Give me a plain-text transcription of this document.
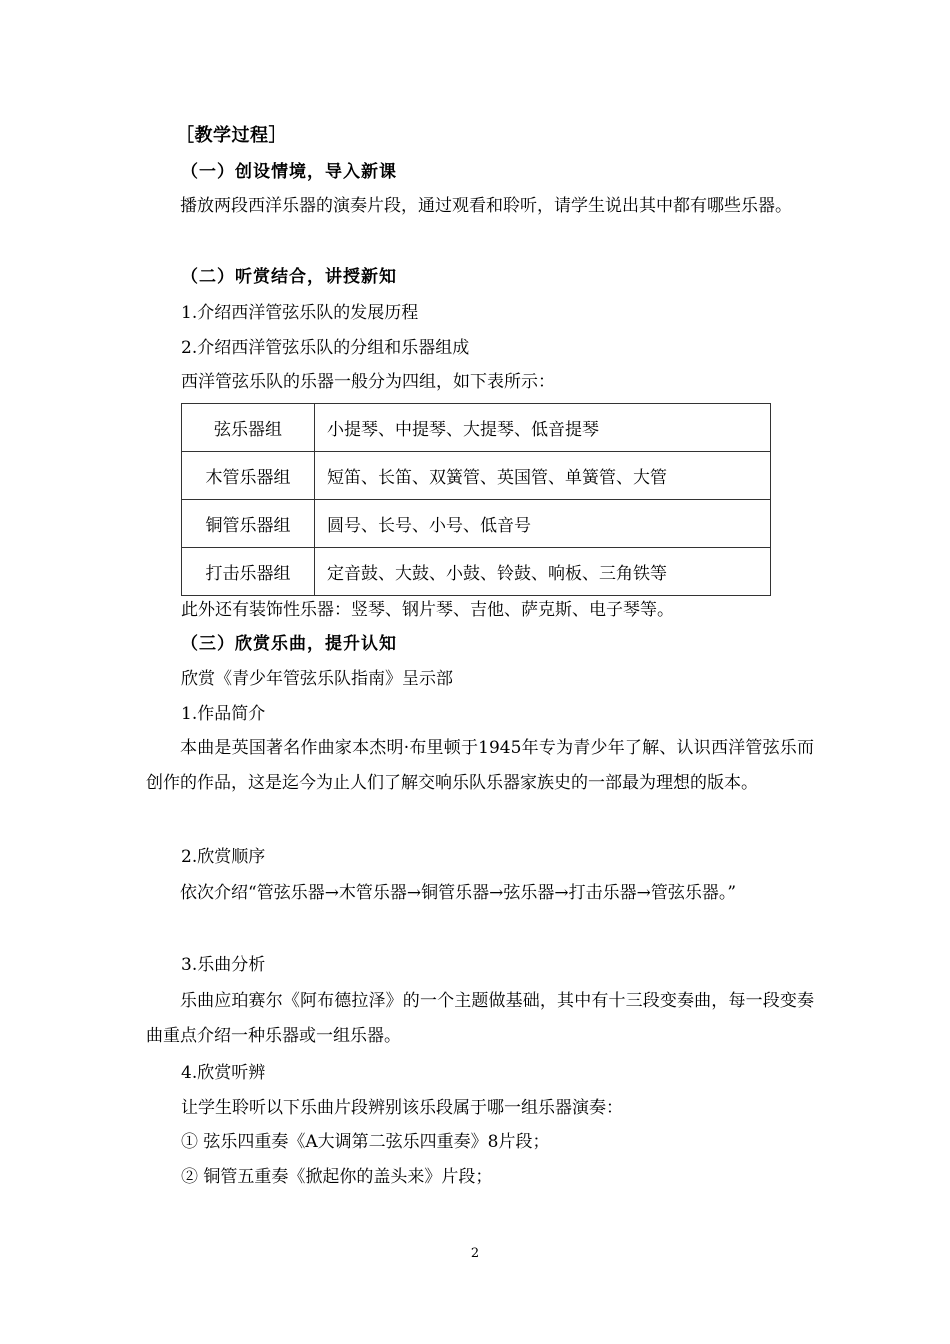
［教学过程］
（一）创设情境，导入新课
播放两段西洋乐器的演奏片段，通过观看和聆听，请学生说出其中都有哪些乐器。
（二）听赏结合，讲授新知
1.介绍西洋管弦乐队的发展历程
2.介绍西洋管弦乐队的分组和乐器组成
西洋管弦乐队的乐器一般分为四组，如下表所示：
弦乐器组	小提琴、中提琴、大提琴、低音提琴
木管乐器组	短笛、长笛、双簧管、英国管、单簧管、大管
铜管乐器组	圆号、长号、小号、低音号
打击乐器组	定音鼓、大鼓、小鼓、铃鼓、响板、三角铁等
此外还有装饰性乐器：竖琴、钢片琴、吉他、萨克斯、电子琴等。
（三）欣赏乐曲，提升认知
欣赏《青少年管弦乐队指南》呈示部
1.作品简介
本曲是英国著名作曲家本杰明·布里顿于1945年专为青少年了解、认识西洋管弦乐而创作的作品，这是迄今为止人们了解交响乐队乐器家族史的一部最为理想的版本。
2.欣赏顺序
依次介绍“管弦乐器→木管乐器→铜管乐器→弦乐器→打击乐器→管弦乐器。”
3.乐曲分析
乐曲应珀赛尔《阿布德拉泽》的一个主题做基础，其中有十三段变奏曲，每一段变奏曲重点介绍一种乐器或一组乐器。
4.欣赏听辨
让学生聆听以下乐曲片段辨别该乐段属于哪一组乐器演奏：
① 弦乐四重奏《A大调第二弦乐四重奏》8片段；
② 铜管五重奏《掀起你的盖头来》片段；
2
